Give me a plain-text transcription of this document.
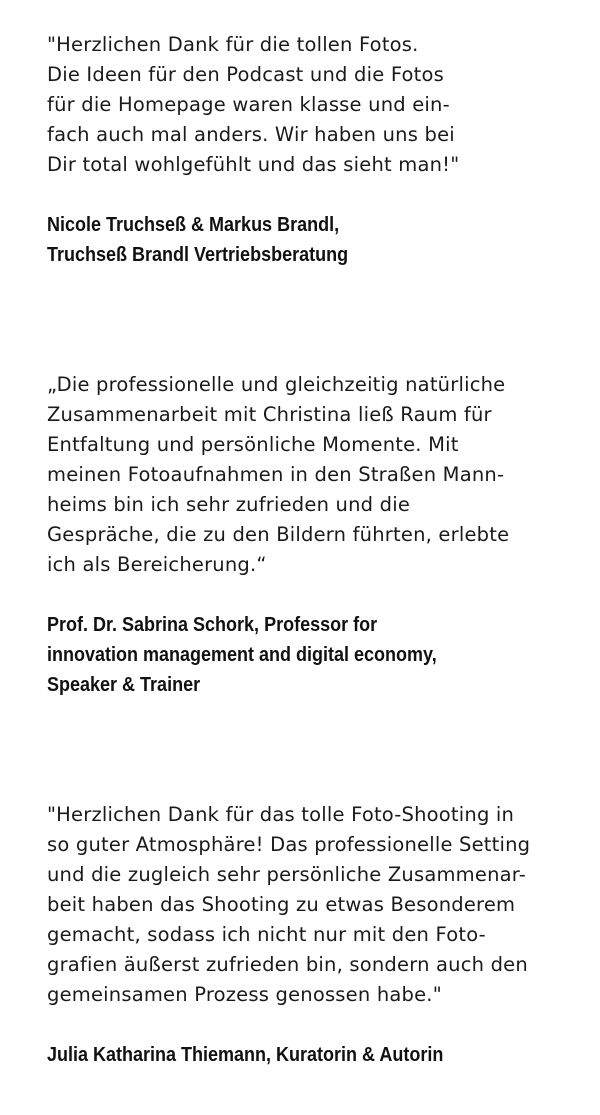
"Herzlichen Dank für die tollen Fotos.
Die Ideen für den Podcast und die Fotos
für die Homepage waren klasse und ein-
fach auch mal anders. Wir haben uns bei
Dir total wohlgefühlt und das sieht man!"
Nicole Truchseß & Markus Brandl,
Truchseß Brandl Vertriebsberatung
„Die professionelle und gleichzeitig natürliche
Zusammenarbeit mit Christina ließ Raum für
Entfaltung und persönliche Momente. Mit
meinen Fotoaufnahmen in den Straßen Mann-
heims bin ich sehr zufrieden und die
Gespräche, die zu den Bildern führten, erlebte
ich als Bereicherung.“
Prof. Dr. Sabrina Schork, Professor for
innovation management and digital economy,
Speaker & Trainer
"Herzlichen Dank für das tolle Foto-Shooting in
so guter Atmosphäre! Das professionelle Setting
und die zugleich sehr persönliche Zusammenar-
beit haben das Shooting zu etwas Besonderem
gemacht, sodass ich nicht nur mit den Foto-
grafien äußerst zufrieden bin, sondern auch den
gemeinsamen Prozess genossen habe."
Julia Katharina Thiemann, Kuratorin & Autorin
